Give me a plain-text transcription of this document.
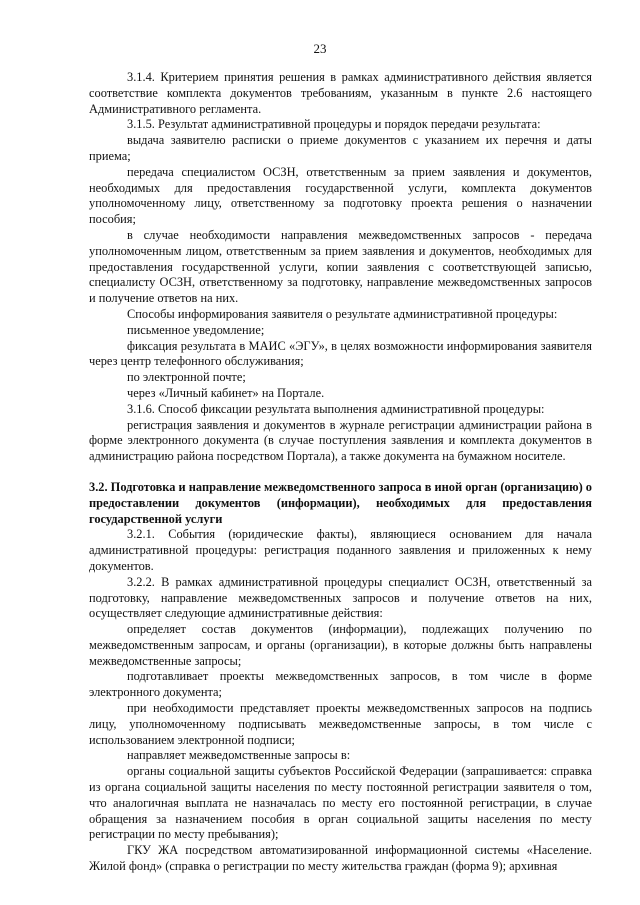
23

3.1.4. Критерием принятия решения в рамках административного действия является соответствие комплекта документов требованиям, указанным в пункте 2.6 настоящего Административного регламента.

3.1.5. Результат административной процедуры и порядок передачи результата:

выдача заявителю расписки о приеме документов с указанием их перечня и даты приема;

передача специалистом ОСЗН, ответственным за прием заявления и документов, необходимых для предоставления государственной услуги, комплекта документов уполномоченному лицу, ответственному за подготовку проекта решения о назначении пособия;

в случае необходимости направления межведомственных запросов - передача уполномоченным лицом, ответственным за прием заявления и документов, необходимых для предоставления государственной услуги, копии заявления с соответствующей записью, специалисту ОСЗН, ответственному за подготовку, направление межведомственных запросов и получение ответов на них.

Способы информирования заявителя о результате административной процедуры:

письменное уведомление;

фиксация результата в МАИС «ЭГУ», в целях возможности информирования заявителя через центр телефонного обслуживания;

по электронной почте;

через «Личный кабинет» на Портале.

3.1.6. Способ фиксации результата выполнения административной процедуры:

регистрация заявления и документов в журнале регистрации администрации района в форме электронного документа (в случае поступления заявления и комплекта документов в администрацию района посредством Портала), а также документа на бумажном носителе.

3.2. Подготовка и направление межведомственного запроса в иной орган (организацию) о предоставлении документов (информации), необходимых для предоставления государственной услуги

3.2.1. События (юридические факты), являющиеся основанием для начала административной процедуры: регистрация поданного заявления и приложенных к нему документов.

3.2.2. В рамках административной процедуры специалист ОСЗН, ответственный за подготовку, направление межведомственных запросов и получение ответов на них, осуществляет следующие административные действия:

определяет состав документов (информации), подлежащих получению по межведомственным запросам, и органы (организации), в которые должны быть направлены межведомственные запросы;

подготавливает проекты межведомственных запросов, в том числе в форме электронного документа;

при необходимости представляет проекты межведомственных запросов на подпись лицу, уполномоченному подписывать межведомственные запросы, в том числе с использованием электронной подписи;

направляет межведомственные запросы в:

органы социальной защиты субъектов Российской Федерации (запрашивается: справка из органа социальной защиты населения по месту постоянной регистрации заявителя о том, что аналогичная выплата не назначалась по месту его постоянной регистрации, в случае обращения за назначением пособия в орган социальной защиты населения по месту регистрации по месту пребывания);

ГКУ ЖА посредством автоматизированной информационной системы «Население. Жилой фонд» (справка о регистрации по месту жительства граждан (форма 9); архивная
